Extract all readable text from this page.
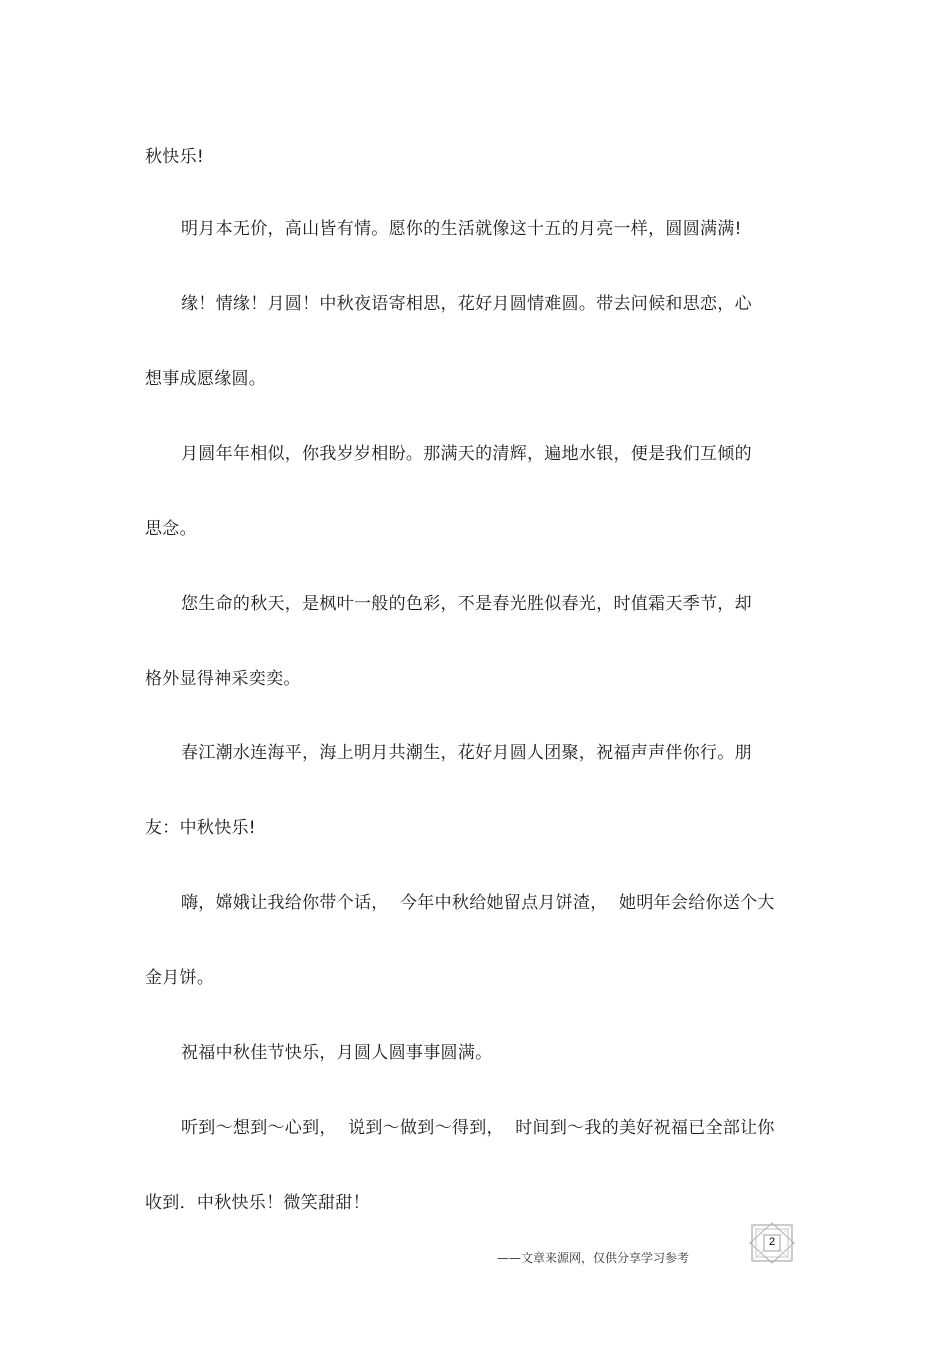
秋快乐!
明月本无价，高山皆有情。愿你的生活就像这十五的月亮一样，圆圆满满!
缘！情缘！月圆！中秋夜语寄相思，花好月圆情难圆。带去问候和思恋，心
想事成愿缘圆。
月圆年年相似，你我岁岁相盼。那满天的清辉，遍地水银，便是我们互倾的
思念。
您生命的秋天，是枫叶一般的色彩，不是春光胜似春光，时值霜天季节，却
格外显得神采奕奕。
春江潮水连海平，海上明月共潮生，花好月圆人团聚，祝福声声伴你行。朋
友：中秋快乐!
嗨，嫦娥让我给你带个话，  今年中秋给她留点月饼渣，  她明年会给你送个大
金月饼。
祝福中秋佳节快乐，月圆人圆事事圆满。
听到～想到～心到，  说到～做到～得到，  时间到～我的美好祝福已全部让你
收到．中秋快乐！微笑甜甜！
——文章来源网，仅供分享学习参考
2
